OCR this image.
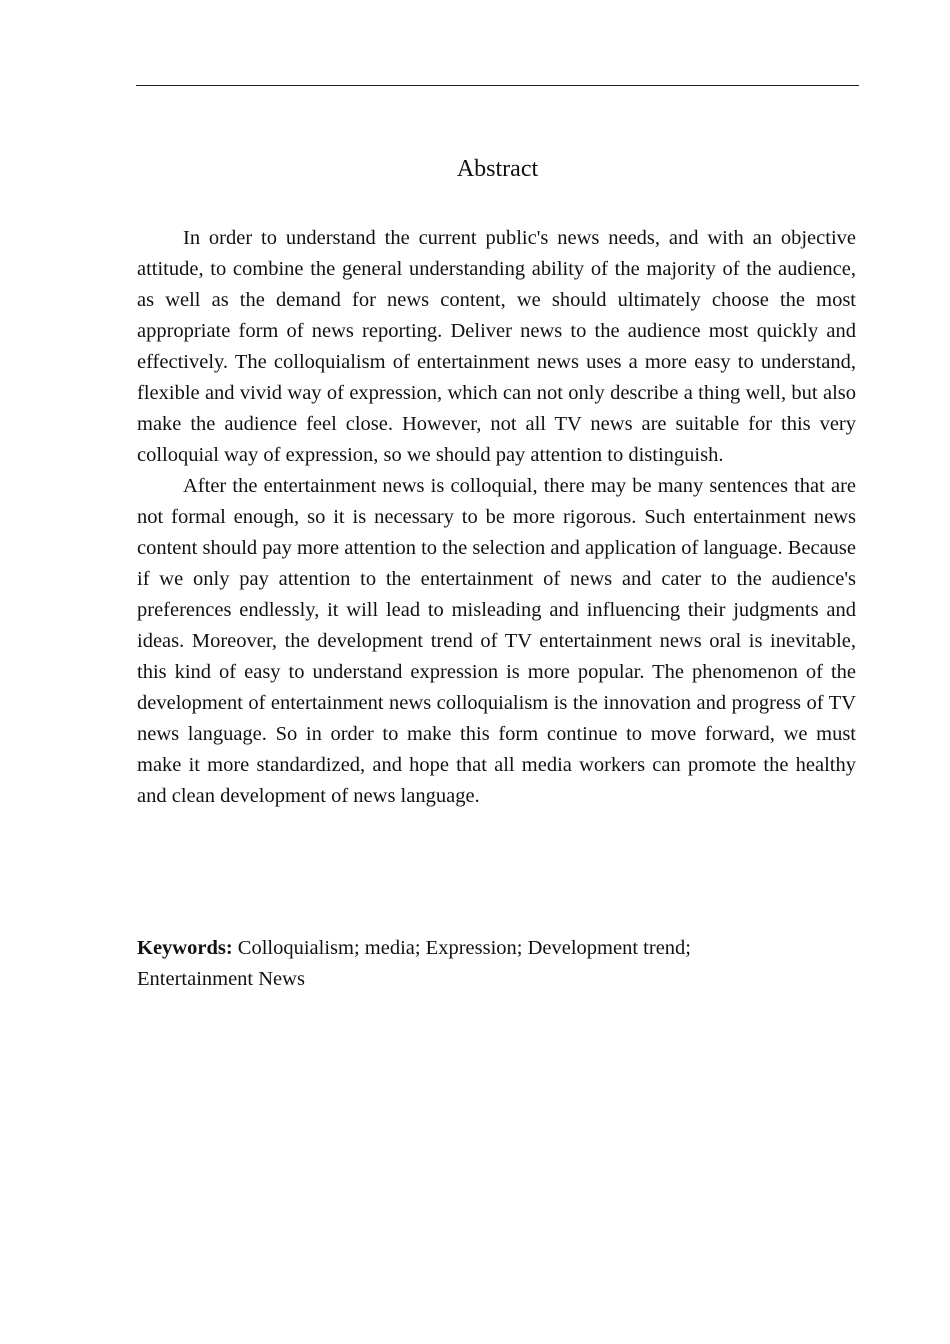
Abstract

In order to understand the current public's news needs, and with an objective attitude, to combine the general understanding ability of the majority of the audience, as well as the demand for news content, we should ultimately choose the most appropriate form of news reporting. Deliver news to the audience most quickly and effectively. The colloquialism of entertainment news uses a more easy to understand, flexible and vivid way of expression, which can not only describe a thing well, but also make the audience feel close. However, not all TV news are suitable for this very colloquial way of expression, so we should pay attention to distinguish.

After the entertainment news is colloquial, there may be many sentences that are not formal enough, so it is necessary to be more rigorous. Such entertainment news content should pay more attention to the selection and application of language. Because if we only pay attention to the entertainment of news and cater to the audience's preferences endlessly, it will lead to misleading and influencing their judgments and ideas. Moreover, the development trend of TV entertainment news oral is inevitable, this kind of easy to understand expression is more popular. The phenomenon of the development of entertainment news colloquialism is the innovation and progress of TV news language. So in order to make this form continue to move forward, we must make it more standardized, and hope that all media workers can promote the healthy and clean development of news language.

Keywords: Colloquialism; media; Expression; Development trend; Entertainment News
